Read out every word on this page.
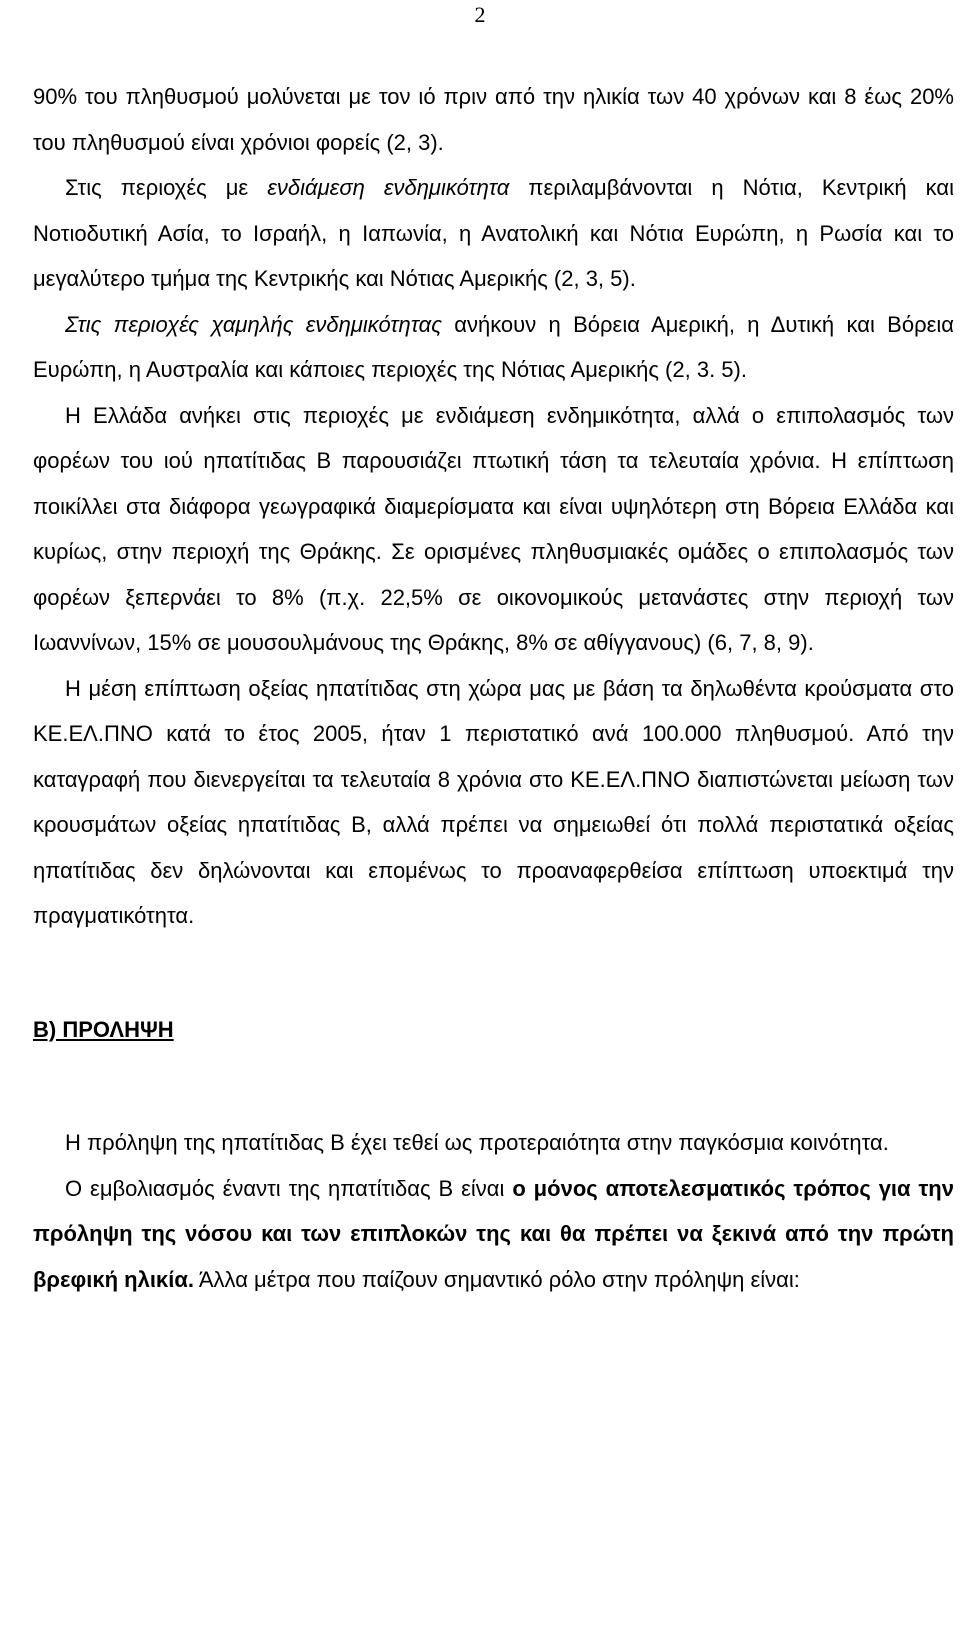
2

90% του πληθυσμού μολύνεται με τον ιό πριν από την ηλικία των 40 χρόνων και 8 έως 20% του πληθυσμού είναι χρόνιοι φορείς (2, 3).

Στις περιοχές με ενδιάμεση ενδημικότητα περιλαμβάνονται η Νότια, Κεντρική και Νοτιοδυτική Ασία, το Ισραήλ, η Ιαπωνία, η Ανατολική και Νότια Ευρώπη, η Ρωσία και το μεγαλύτερο τμήμα της Κεντρικής και Νότιας Αμερικής (2, 3, 5).

Στις περιοχές χαμηλής ενδημικότητας ανήκουν η Βόρεια Αμερική, η Δυτική και Βόρεια Ευρώπη, η Αυστραλία και κάποιες περιοχές της Νότιας Αμερικής (2, 3. 5).

Η Ελλάδα ανήκει στις περιοχές με ενδιάμεση ενδημικότητα, αλλά ο επιπολασμός των φορέων του ιού ηπατίτιδας Β παρουσιάζει πτωτική τάση τα τελευταία χρόνια. Η επίπτωση ποικίλλει στα διάφορα γεωγραφικά διαμερίσματα και είναι υψηλότερη στη Βόρεια Ελλάδα και κυρίως, στην περιοχή της Θράκης. Σε ορισμένες πληθυσμιακές ομάδες ο επιπολασμός των φορέων ξεπερνάει το 8% (π.χ. 22,5% σε οικονομικούς μετανάστες στην περιοχή των Ιωαννίνων, 15% σε μουσουλμάνους της Θράκης, 8% σε αθίγγανους) (6, 7, 8, 9).

Η μέση επίπτωση οξείας ηπατίτιδας στη χώρα μας με βάση τα δηλωθέντα κρούσματα στο ΚΕ.ΕΛ.ΠΝΟ κατά το έτος 2005, ήταν 1 περιστατικό ανά 100.000 πληθυσμού. Από την καταγραφή που διενεργείται τα τελευταία 8 χρόνια στο ΚΕ.ΕΛ.ΠΝΟ διαπιστώνεται μείωση των κρουσμάτων οξείας ηπατίτιδας Β, αλλά πρέπει να σημειωθεί ότι πολλά περιστατικά οξείας ηπατίτιδας δεν δηλώνονται και επομένως το προαναφερθείσα επίπτωση υποεκτιμά την πραγματικότητα.

Β) ΠΡΟΛΗΨΗ

Η πρόληψη της ηπατίτιδας Β έχει τεθεί ως προτεραιότητα στην παγκόσμια κοινότητα.

Ο εμβολιασμός έναντι της ηπατίτιδας Β είναι ο μόνος αποτελεσματικός τρόπος για την πρόληψη της νόσου και των επιπλοκών της και θα πρέπει να ξεκινά από την πρώτη βρεφική ηλικία. Άλλα μέτρα που παίζουν σημαντικό ρόλο στην πρόληψη είναι:
